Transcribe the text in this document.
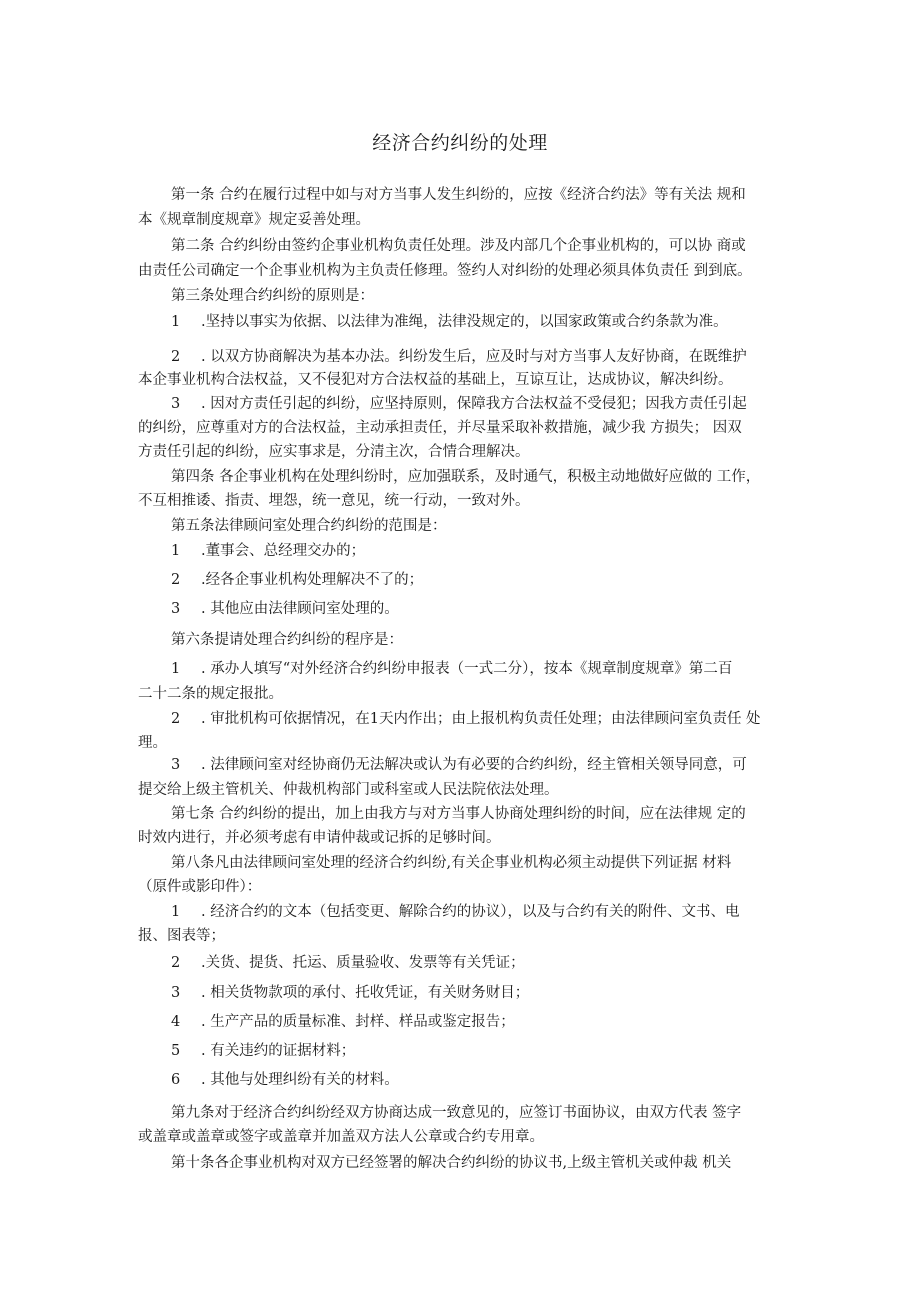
经济合约纠纷的处理
第一条 合约在履行过程中如与对方当事人发生纠纷的，应按《经济合约法》等有关法 规和
本《规章制度规章》规定妥善处理。
第二条 合约纠纷由签约企事业机构负责任处理。涉及内部几个企事业机构的，可以协 商或
由责任公司确定一个企事业机构为主负责任修理。签约人对纠纷的处理必须具体负责任 到到底。
第三条处理合约纠纷的原则是：
1 .坚持以事实为依据、以法律为准绳，法律没规定的，以国家政策或合约条款为准。
2 . 以双方协商解决为基本办法。纠纷发生后，应及时与对方当事人友好协商，在既维护
本企事业机构合法权益，又不侵犯对方合法权益的基础上，互谅互让，达成协议，解决纠纷。
3 . 因对方责任引起的纠纷，应坚持原则，保障我方合法权益不受侵犯；因我方责任引起
的纠纷，应尊重对方的合法权益，主动承担责任，并尽量采取补救措施，减少我 方损失； 因双
方责任引起的纠纷，应实事求是，分清主次，合情合理解决。
第四条 各企事业机构在处理纠纷时，应加强联系，及时通气，积极主动地做好应做的 工作，
不互相推诿、指责、埋怨，统一意见，统一行动，一致对外。
第五条法律顾问室处理合约纠纷的范围是：
1 .董事会、总经理交办的；
2 .经各企事业机构处理解决不了的；
3 . 其他应由法律顾问室处理的。
第六条提请处理合约纠纷的程序是：
1 . 承办人填写“对外经济合约纠纷申报表（一式二分），按本《规章制度规章》第二百
二十二条的规定报批。
2 . 审批机构可依据情况，在1天内作出；由上报机构负责任处理；由法律顾问室负责任 处
理。
3 . 法律顾问室对经协商仍无法解决或认为有必要的合约纠纷，经主管相关领导同意，可
提交给上级主管机关、仲裁机构部门或科室或人民法院依法处理。
第七条 合约纠纷的提出，加上由我方与对方当事人协商处理纠纷的时间，应在法律规 定的
时效内进行，并必须考虑有申请仲裁或记拆的足够时间。
第八条凡由法律顾问室处理的经济合约纠纷,有关企事业机构必须主动提供下列证据 材料
（原件或影印件）：
1 . 经济合约的文本（包括变更、解除合约的协议），以及与合约有关的附件、文书、电
报、图表等；
2 .关货、提货、托运、质量验收、发票等有关凭证；
3 . 相关货物款项的承付、托收凭证，有关财务财目；
4 . 生产产品的质量标准、封样、样品或鉴定报告；
5 . 有关违约的证据材料；
6 . 其他与处理纠纷有关的材料。
第九条对于经济合约纠纷经双方协商达成一致意见的，应签订书面协议，由双方代表 签字
或盖章或盖章或签字或盖章并加盖双方法人公章或合约专用章。
第十条各企事业机构对双方已经签署的解决合约纠纷的协议书,上级主管机关或仲裁 机关
